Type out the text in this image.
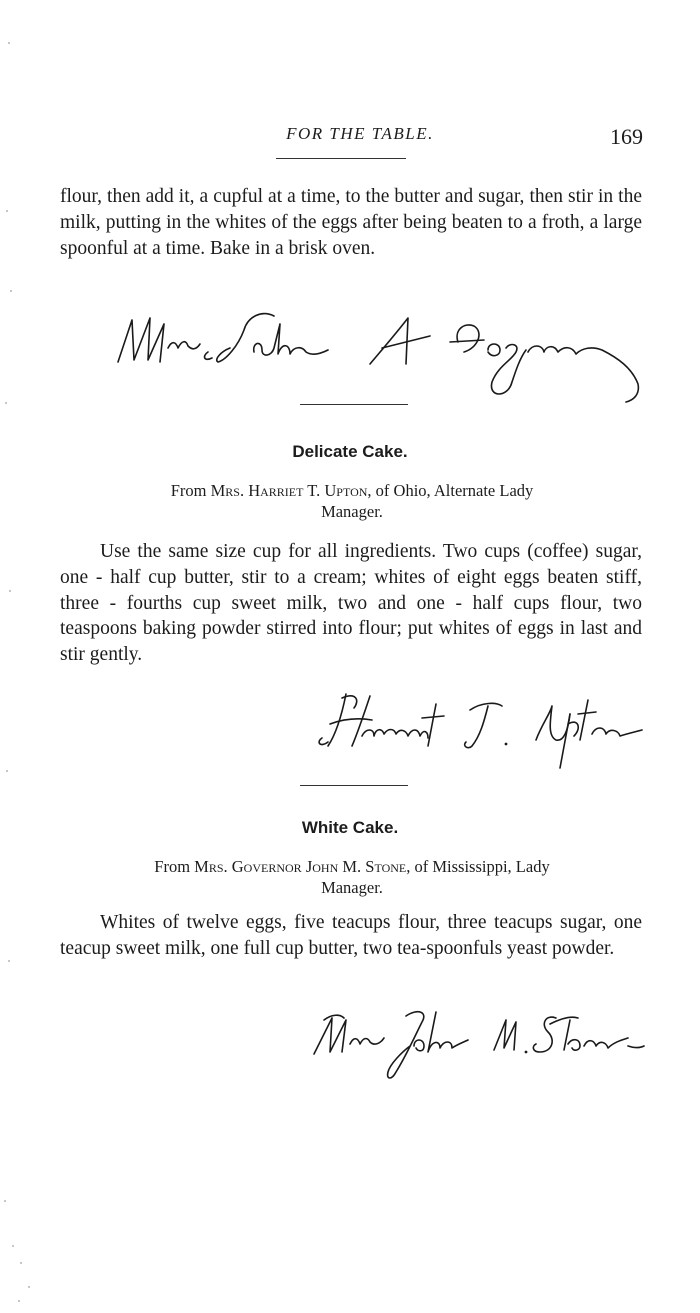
FOR THE TABLE.	169

flour, then add it, a cupful at a time, to the butter and sugar, then stir in the milk, putting in the whites of the eggs after being beaten to a froth, a large spoonful at a time. Bake in a brisk oven.

Delicate Cake.
From Mrs. Harriet T. Upton, of Ohio, Alternate Lady
Manager.

Use the same size cup for all ingredients. Two cups (coffee) sugar, one - half cup butter, stir to a cream; whites of eight eggs beaten stiff, three - fourths cup sweet milk, two and one - half cups flour, two teaspoons baking powder stirred into flour; put whites of eggs in last and stir gently.

White Cake.
From Mrs. Governor John M. Stone, of Mississippi, Lady
Manager.

Whites of twelve eggs, five teacups flour, three teacups sugar, one teacup sweet milk, one full cup butter, two tea-spoonfuls yeast powder.
